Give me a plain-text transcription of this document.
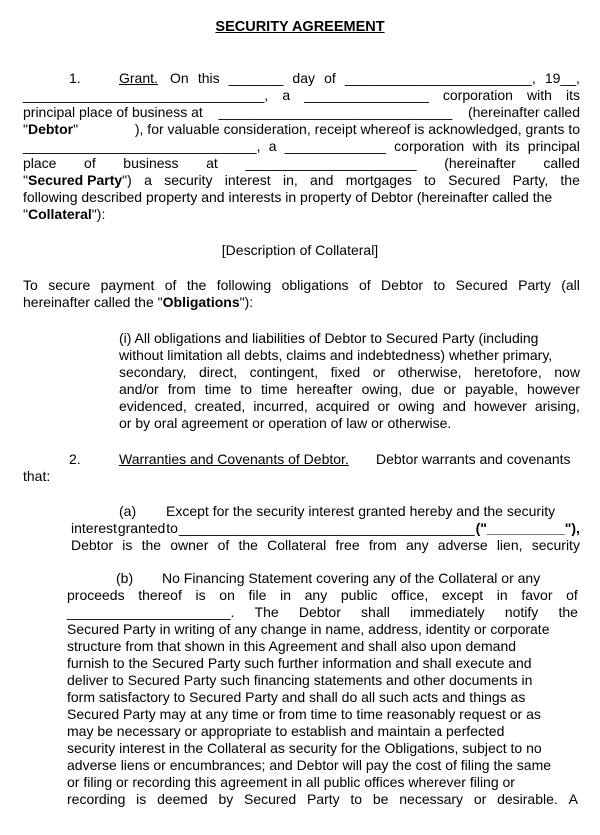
SECURITY AGREEMENT
1.	Grant. On this _______ day of ________________________, 19__,
_______________________________, a ________________ corporation with its
principal place of business at ______________________________ (hereinafter called
"Debtor"	), for valuable consideration, receipt whereof is acknowledged, grants to
______________________________, a _____________ corporation with its principal
place of business at ______________________ (hereinafter called
"Secured Party") a security interest in, and mortgages to Secured Party, the
following described property and interests in property of Debtor (hereinafter called the
"Collateral"):
[Description of Collateral]
To secure payment of the following obligations of Debtor to Secured Party (all
hereinafter called the "Obligations"):
(i) All obligations and liabilities of Debtor to Secured Party (including
without limitation all debts, claims and indebtedness) whether primary,
secondary, direct, contingent, fixed or otherwise, heretofore, now
and/or from time to time hereafter owing, due or payable, however
evidenced, created, incurred, acquired or owing and however arising,
or by oral agreement or operation of law or otherwise.
2.	Warranties and Covenants of Debtor. Debtor warrants and covenants
that:
(a) Except for the security interest granted hereby and the security
interest granted to ______________________________________ ("__________"),
Debtor is the owner of the Collateral free from any adverse lien, security
(b) No Financing Statement covering any of the Collateral or any
proceeds thereof is on file in any public office, except in favor of
_____________________. The Debtor shall immediately notify the
Secured Party in writing of any change in name, address, identity or corporate
structure from that shown in this Agreement and shall also upon demand
furnish to the Secured Party such further information and shall execute and
deliver to Secured Party such financing statements and other documents in
form satisfactory to Secured Party and shall do all such acts and things as
Secured Party may at any time or from time to time reasonably request or as
may be necessary or appropriate to establish and maintain a perfected
security interest in the Collateral as security for the Obligations, subject to no
adverse liens or encumbrances; and Debtor will pay the cost of filing the same
or filing or recording this agreement in all public offices wherever filing or
recording is deemed by Secured Party to be necessary or desirable. A
